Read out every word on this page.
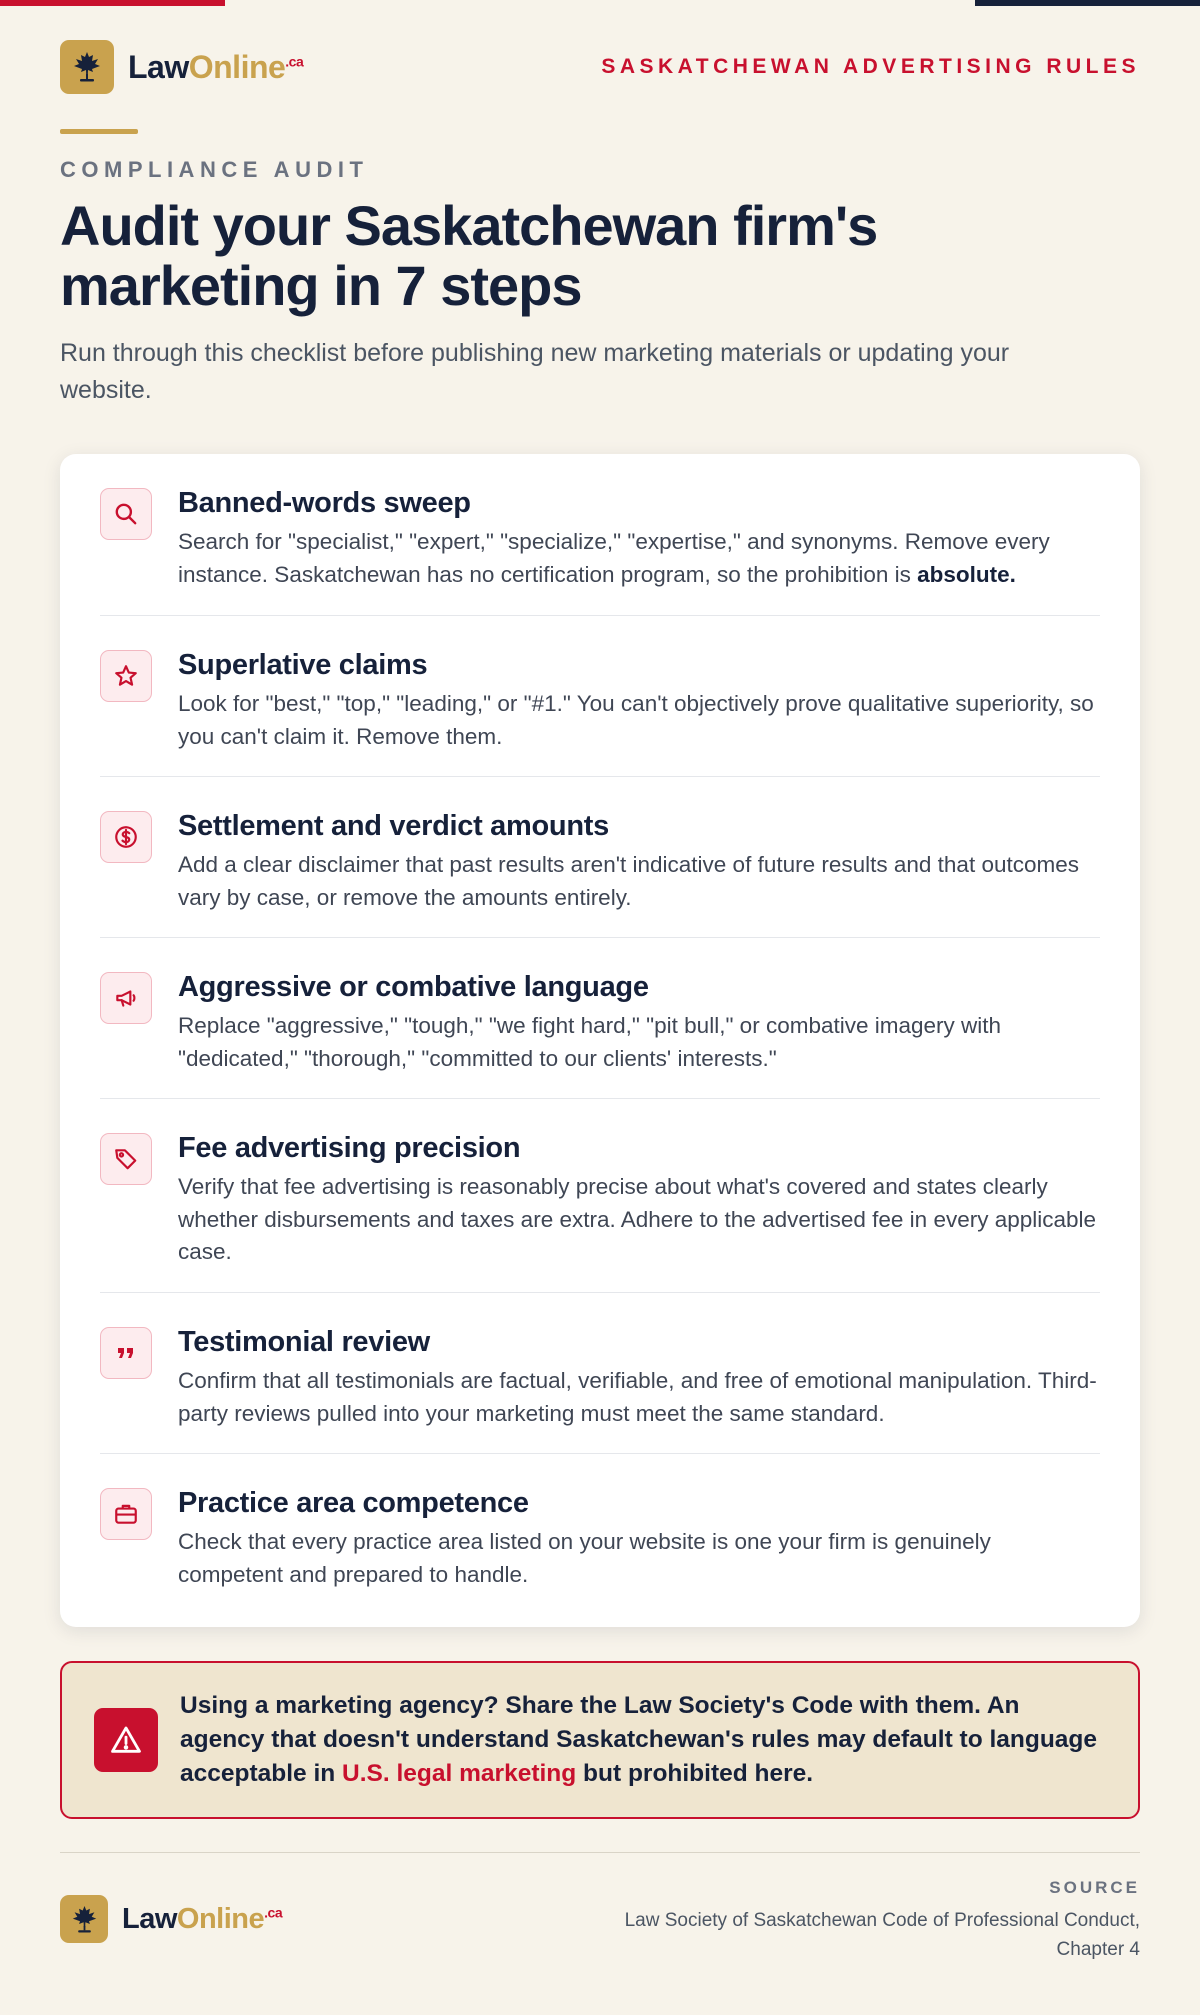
LawOnline$^{.ca}$	SASKATCHEWAN ADVERTISING RULES
COMPLIANCE AUDIT
Audit your Saskatchewan firm's marketing in 7 steps

Run through this checklist before publishing new marketing materials or updating your website.

Banned-words sweep
Search for "specialist," "expert," "specialize," "expertise," and synonyms. Remove every instance. Saskatchewan has no certification program, so the prohibition is absolute.
Superlative claims
Look for "best," "top," "leading," or "#1." You can't objectively prove qualitative superiority, so you can't claim it. Remove them.
Settlement and verdict amounts
Add a clear disclaimer that past results aren't indicative of future results and that outcomes vary by case, or remove the amounts entirely.
Aggressive or combative language
Replace "aggressive," "tough," "we fight hard," "pit bull," or combative imagery with "dedicated," "thorough," "committed to our clients' interests."
Fee advertising precision
Verify that fee advertising is reasonably precise about what's covered and states clearly whether disbursements and taxes are extra. Adhere to the advertised fee in every applicable case.
Testimonial review
Confirm that all testimonials are factual, verifiable, and free of emotional manipulation. Third-party reviews pulled into your marketing must meet the same standard.
Practice area competence
Check that every practice area listed on your website is one your firm is genuinely competent and prepared to handle.

Using a marketing agency? Share the Law Society's Code with them. An agency that doesn't understand Saskatchewan's rules may default to language acceptable in U.S. legal marketing but prohibited here.

LawOnline$^{.ca}$
SOURCE
Law Society of Saskatchewan Code of Professional Conduct, Chapter 4
